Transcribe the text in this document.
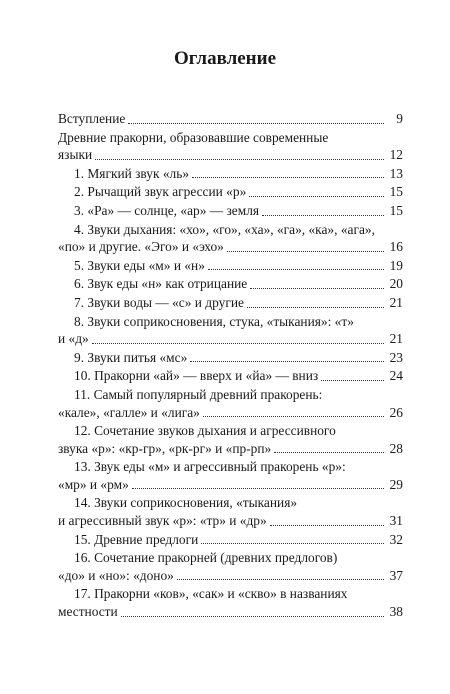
Оглавление
Вступление	9
Древние пракорни, образовавшие современные
языки	12
1. Мягкий звук «ль»	13
2. Рычащий звук агрессии «р»	15
3. «Ра» — солнце, «ар» — земля	15
4. Звуки дыхания: «хо», «го», «ха», «га», «ка», «ага»,
«по» и другие. «Эго» и «эхо»	16
5. Звуки еды «м» и «н»	19
6. Звук еды «н» как отрицание	20
7. Звуки воды — «с» и другие	21
8. Звуки соприкосновения, стука, «тыкания»: «т»
и «д»	21
9. Звуки питья «мс»	23
10. Пракорни «ай» — вверх и «йа» — вниз	24
11. Самый популярный древний пракорень:
«кале», «галле» и «лига»	26
12. Сочетание звуков дыхания и агрессивного
звука «р»: «кр-гр», «рк-рг» и «пр-рп»	28
13. Звук еды «м» и агрессивный пракорень «р»:
«мр» и «рм»	29
14. Звуки соприкосновения, «тыкания»
и агрессивный звук «р»: «тр» и «др»	31
15. Древние предлоги	32
16. Сочетание пракорней (древних предлогов)
«до» и «но»: «доно»	37
17. Пракорни «ков», «сак» и «скво» в названиях
местности	38
